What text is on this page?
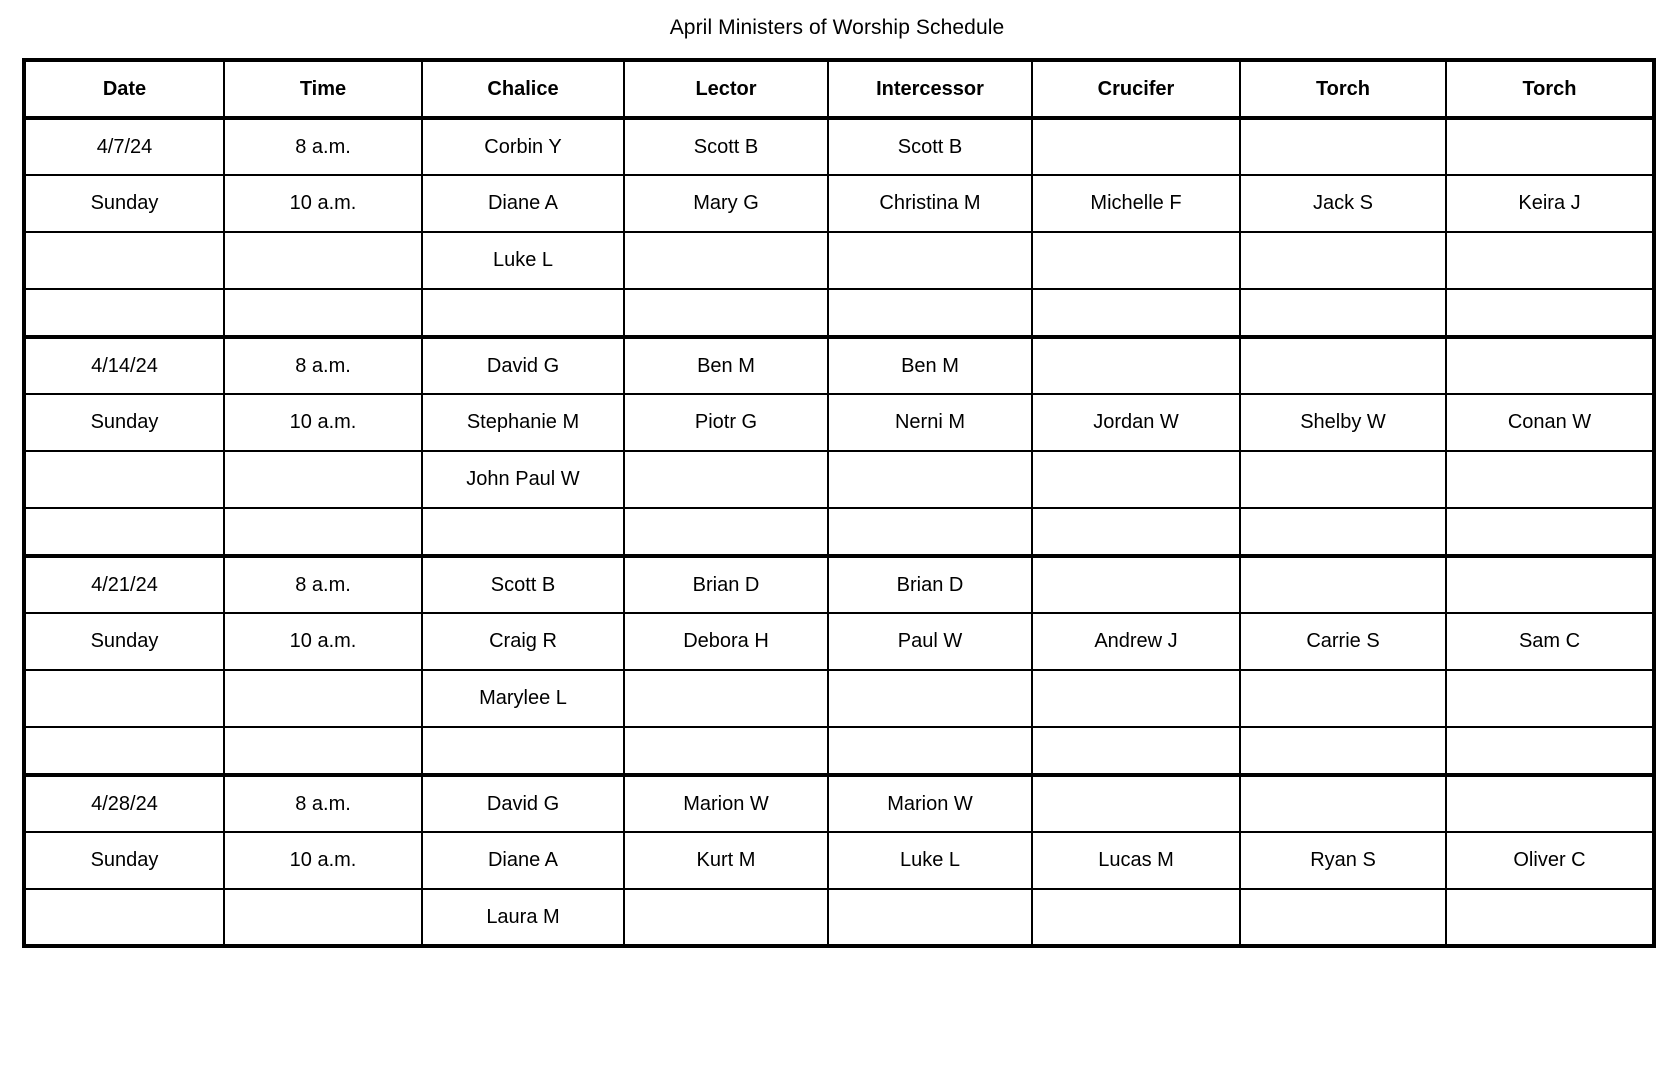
April Ministers of Worship Schedule
Date	Time	Chalice	Lector	Intercessor	Crucifer	Torch	Torch
4/7/24	8 a.m.	Corbin Y	Scott B	Scott B			
Sunday	10 a.m.	Diane A	Mary G	Christina M	Michelle F	Jack S	Keira J
		Luke L					

4/14/24	8 a.m.	David G	Ben M	Ben M			
Sunday	10 a.m.	Stephanie M	Piotr G	Nerni M	Jordan W	Shelby W	Conan W
		John Paul W					

4/21/24	8 a.m.	Scott B	Brian D	Brian D			
Sunday	10 a.m.	Craig R	Debora H	Paul W	Andrew J	Carrie S	Sam C
		Marylee L					

4/28/24	8 a.m.	David G	Marion W	Marion W			
Sunday	10 a.m.	Diane A	Kurt M	Luke L	Lucas M	Ryan S	Oliver C
		Laura M					
